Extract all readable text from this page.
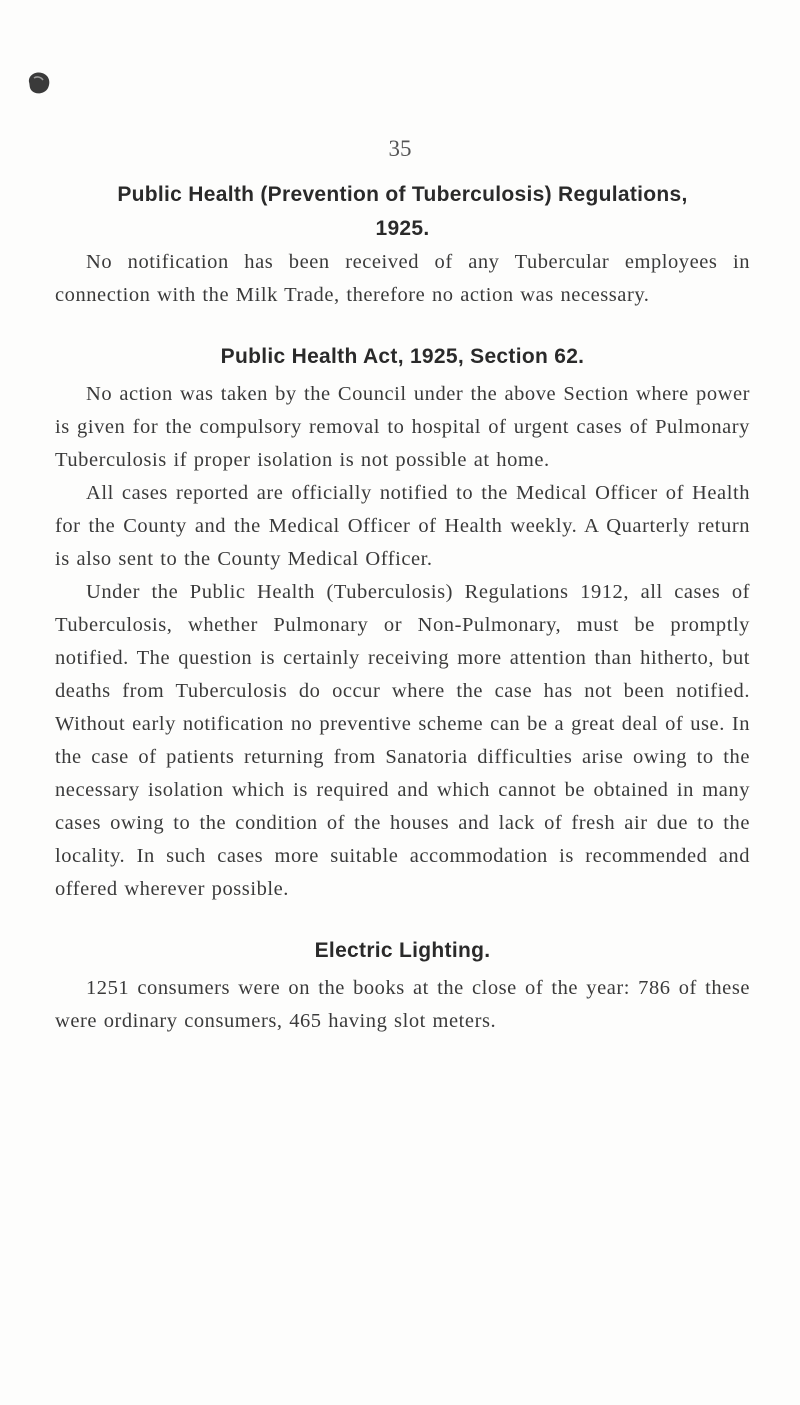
35
Public Health (Prevention of Tuberculosis) Regulations,
1925.

No notification has been received of any Tubercular employees in connection with the Milk Trade, therefore no action was necessary.

Public Health Act, 1925, Section 62.

No action was taken by the Council under the above Section where power is given for the compulsory removal to hospital of urgent cases of Pulmonary Tuberculosis if proper isolation is not possible at home.

All cases reported are officially notified to the Medical Officer of Health for the County and the Medical Officer of Health weekly. A Quarterly return is also sent to the County Medical Officer.

Under the Public Health (Tuberculosis) Regulations 1912, all cases of Tuberculosis, whether Pulmonary or Non-Pulmonary, must be promptly notified. The question is certainly receiving more attention than hitherto, but deaths from Tuberculosis do occur where the case has not been notified. Without early notification no preventive scheme can be a great deal of use. In the case of patients returning from Sanatoria difficulties arise owing to the necessary isolation which is required and which cannot be obtained in many cases owing to the condition of the houses and lack of fresh air due to the locality. In such cases more suitable accommodation is recommended and offered wherever possible.

Electric Lighting.

1251 consumers were on the books at the close of the year: 786 of these were ordinary consumers, 465 having slot meters.
